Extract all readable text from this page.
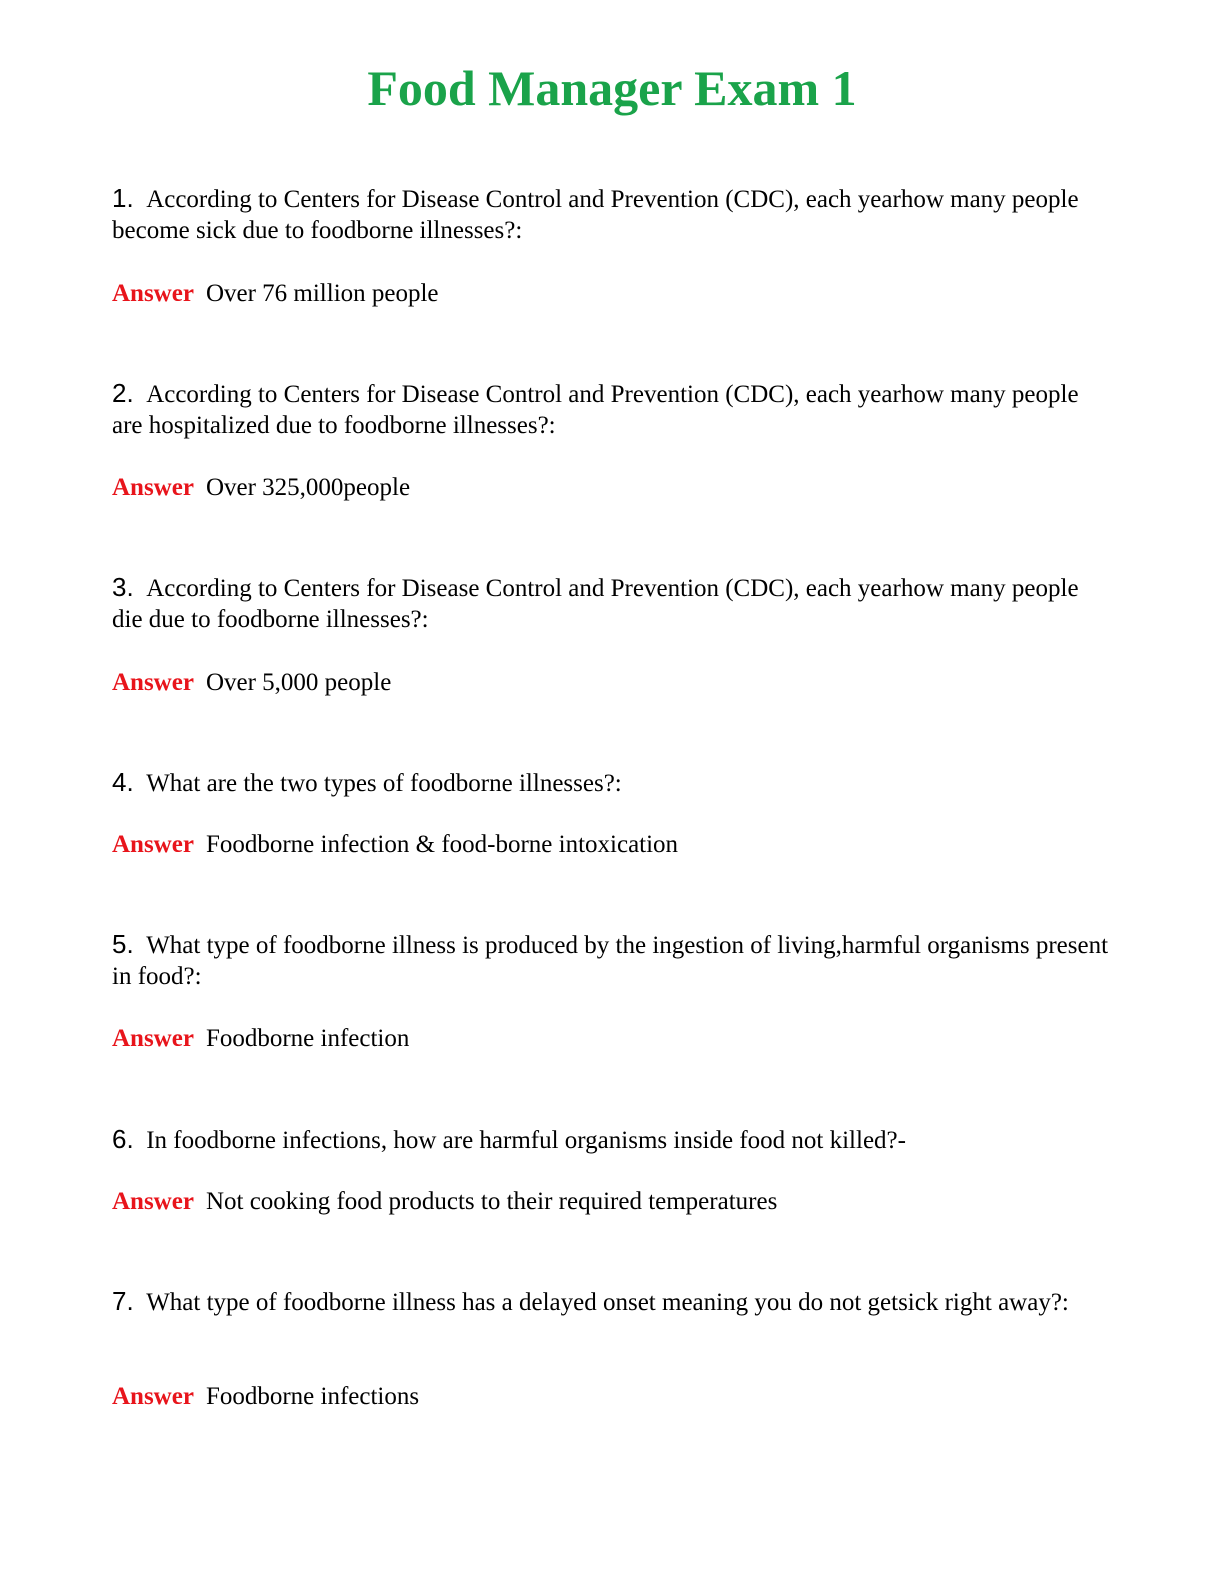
Food Manager Exam 1

1. According to Centers for Disease Control and Prevention (CDC), each yearhow many people become sick due to foodborne illnesses?:

Answer Over 76 million people

2. According to Centers for Disease Control and Prevention (CDC), each yearhow many people are hospitalized due to foodborne illnesses?:

Answer Over 325,000people

3. According to Centers for Disease Control and Prevention (CDC), each yearhow many people die due to foodborne illnesses?:

Answer Over 5,000 people

4. What are the two types of foodborne illnesses?:

Answer Foodborne infection & food-borne intoxication

5. What type of foodborne illness is produced by the ingestion of living,harmful organisms present in food?:

Answer Foodborne infection

6. In foodborne infections, how are harmful organisms inside food not killed?-

Answer Not cooking food products to their required temperatures

7. What type of foodborne illness has a delayed onset meaning you do not getsick right away?:

Answer Foodborne infections
